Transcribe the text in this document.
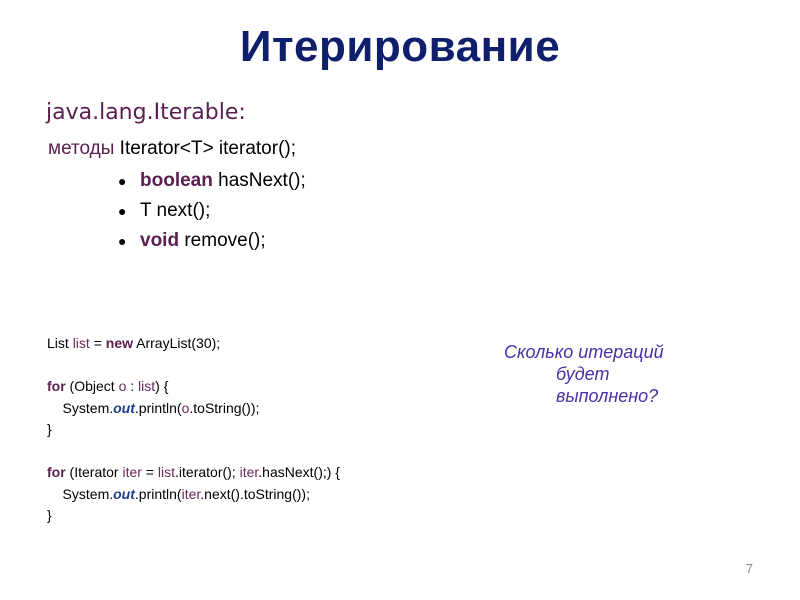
Итерирование
java.lang.Iterable:
методы Iterator<T> iterator();
● boolean hasNext();
● T next();
● void remove();
List list = new ArrayList(30);
for (Object o : list) {
System.out.println(o.toString());
}
for (Iterator iter = list.iterator(); iter.hasNext();) {
System.out.println(iter.next().toString());
}
Сколько итераций
будет
выполнено?
7
